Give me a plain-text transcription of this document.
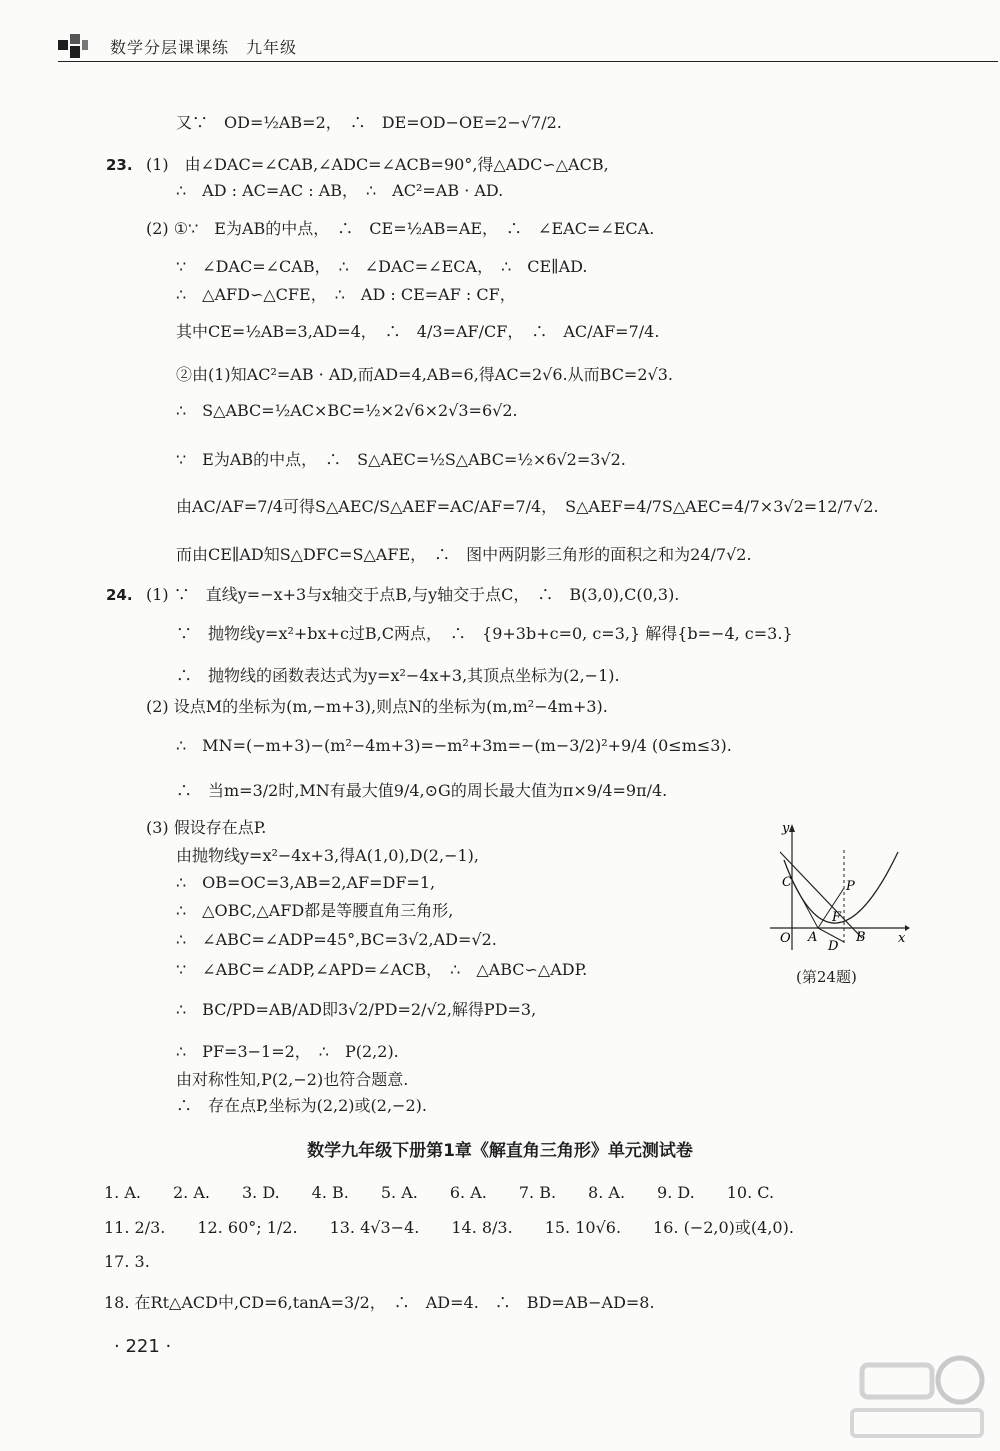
数学分层课课练　九年级
又∵　OD=½AB=2，　∴　DE=OD−OE=2−√7/2.
23. (1)　由∠DAC=∠CAB,∠ADC=∠ACB=90°,得△ADC∽△ACB,
∴　AD : AC=AC : AB，　∴　AC²=AB · AD.
(2) ①∵　E为AB的中点，　∴　CE=½AB=AE，　∴　∠EAC=∠ECA.
∵　∠DAC=∠CAB，　∴　∠DAC=∠ECA，　∴　CE∥AD.
∴　△AFD∽△CFE，　∴　AD : CE=AF : CF，
其中CE=½AB=3,AD=4，　∴　4/3=AF/CF，　∴　AC/AF=7/4.
②由(1)知AC²=AB · AD,而AD=4,AB=6,得AC=2√6.从而BC=2√3.
∴　S△ABC=½AC×BC=½×2√6×2√3=6√2.
∵　E为AB的中点，　∴　S△AEC=½S△ABC=½×6√2=3√2.
由AC/AF=7/4可得S△AEC/S△AEF=AC/AF=7/4，　S△AEF=4/7S△AEC=4/7×3√2=12/7√2.
而由CE∥AD知S△DFC=S△AFE，　∴　图中两阴影三角形的面积之和为24/7√2.
24. (1) ∵　直线y=−x+3与x轴交于点B,与y轴交于点C，　∴　B(3,0),C(0,3).
∵　抛物线y=x²+bx+c过B,C两点，　∴　{9+3b+c=0, c=3,} 解得{b=−4, c=3.}
∴　抛物线的函数表达式为y=x²−4x+3,其顶点坐标为(2,−1).
(2) 设点M的坐标为(m,−m+3),则点N的坐标为(m,m²−4m+3).
∴　MN=(−m+3)−(m²−4m+3)=−m²+3m=−(m−3/2)²+9/4 (0≤m≤3).
∴　当m=3/2时,MN有最大值9/4,⊙G的周长最大值为π×9/4=9π/4.
(3) 假设存在点P.
由抛物线y=x²−4x+3,得A(1,0),D(2,−1),
∴　OB=OC=3,AB=2,AF=DF=1,
∴　△OBC,△AFD都是等腰直角三角形,
∴　∠ABC=∠ADP=45°,BC=3√2,AD=√2.
∵　∠ABC=∠ADP,∠APD=∠ACB，　∴　△ABC∽△ADP.
∴　BC/PD=AB/AD即3√2/PD=2/√2,解得PD=3,
∴　PF=3−1=2，　∴　P(2,2).
由对称性知,P(2,−2)也符合题意.
∴　存在点P,坐标为(2,2)或(2,−2).
y
x
O A	B
C
D
P
F
(第24题)
数学九年级下册第1章《解直角三角形》单元测试卷
1. A.　　2. A.　　3. D.　　4. B.　　5. A.　　6. A.　　7. B.　　8. A.　　9. D.　　10. C.
11. 2/3.　　12. 60°; 1/2.　　13. 4√3−4.　　14. 8/3.　　15. 10√6.　　16. (−2,0)或(4,0).
17. 3.
18. 在Rt△ACD中,CD=6,tanA=3/2，　∴　AD=4.　∴　BD=AB−AD=8.
· 221 ·
